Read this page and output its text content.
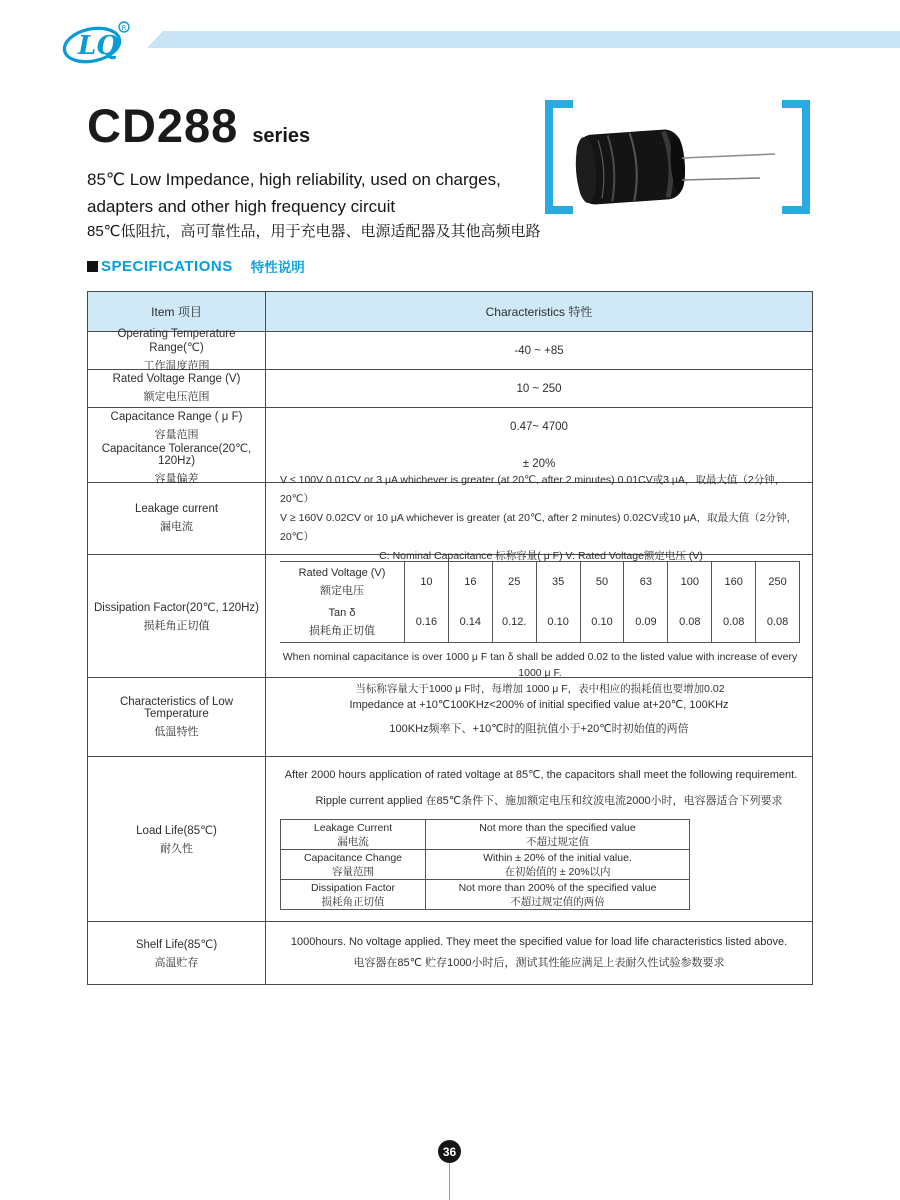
LQ
R
CD288 series
85℃ Low Impedance, high reliability, used on charges,
adapters and other high frequency circuit
85℃低阻抗，高可靠性品，用于充电器、电源适配器及其他高频电路
SPECIFICATIONS 特性说明
Item 项目	Characteristics 特性
Operating Temperature Range(℃)
工作温度范围
-40 ~ +85
Rated Voltage Range (V)
额定电压范围
10 ~ 250
Capacitance Range ( μ F)
容量范围
Capacitance Tolerance(20℃, 120Hz)
容量偏差
0.47~ 4700
± 20%
Leakage current
漏电流
V ≤ 100V 0.01CV or 3 μA whichever is greater (at 20℃, after 2 minutes) 0.01CV或3 μA，取最大值（2分钟，20℃）
V ≥ 160V 0.02CV or 10 μA whichever is greater (at 20℃, after 2 minutes) 0.02CV或10 μA，取最大值（2分钟，20℃）
C: Nominal Capacitance 标称容量( μ F) V: Rated Voltage额定电压 (V)
Dissipation Factor(20℃, 120Hz)
损耗角正切值
Rated Voltage (V)
额定电压
Tan δ
损耗角正切值
10
0.16
16
0.14
25
0.12.
35
0.10
50
0.10
63
0.09
100
0.08
160
0.08
250
0.08
When nominal capacitance is over 1000 μ F tan δ shall be added 0.02 to the listed value with increase of every 1000 μ F.
当标称容量大于1000 μ F时，每增加 1000 μ F，表中相应的损耗值也要增加0.02
Characteristics of Low Temperature
低温特性
Impedance at +10℃100KHz<200% of initial specified value at+20℃, 100KHz
100KHz频率下、+10℃时的阻抗值小于+20℃时初始值的两倍
Load Life(85℃)
耐久性
After 2000 hours application of rated voltage at 85℃, the capacitors shall meet the following requirement.
Ripple current applied 在85℃条件下、施加额定电压和纹波电流2000小时，电容器适合下列要求
Leakage Current
漏电流
Not more than the specified value
不超过规定值
Capacitance Change
容量范围
Within ± 20% of the initial value.
在初始值的 ± 20%以内
Dissipation Factor
损耗角正切值
Not more than 200% of the specified value
不超过规定值的两倍
Shelf Life(85℃)
高温贮存
1000hours. No voltage applied. They meet the specified value for load life characteristics listed above.
电容器在85℃ 贮存1000小时后，测试其性能应满足上表耐久性试验参数要求
36
